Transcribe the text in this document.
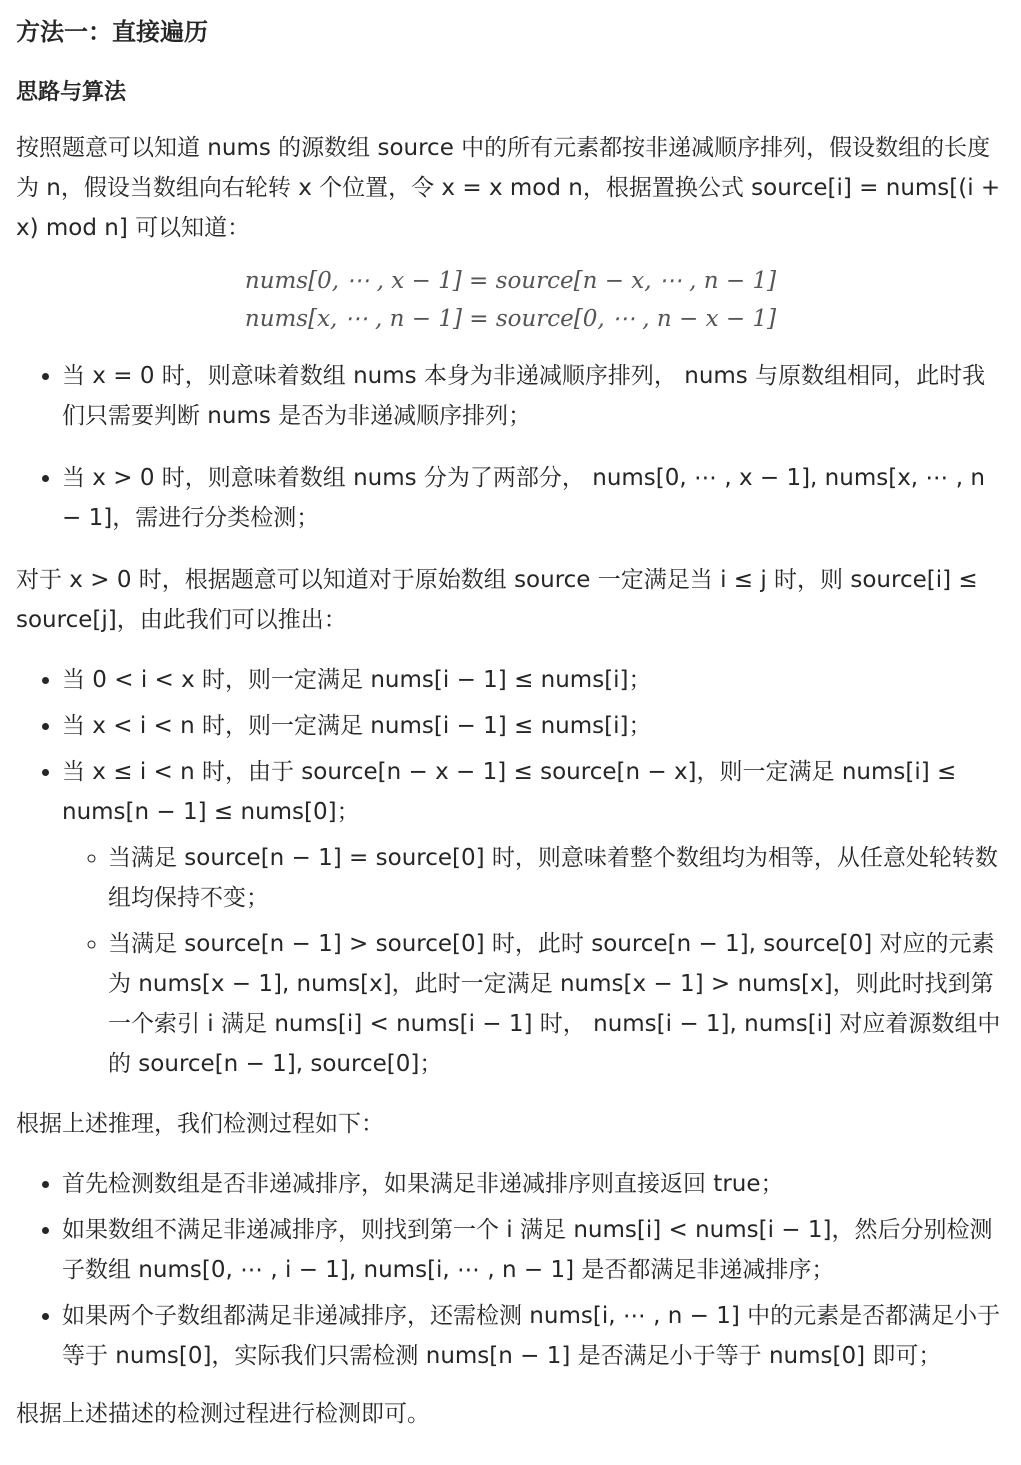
方法一：直接遍历
思路与算法

按照题意可以知道 nums 的源数组 source 中的所有元素都按非递减顺序排列，假设数组的长度为 n，假设当数组向右轮转 x 个位置，令 x = x mod n，根据置换公式 source[i] = nums[(i + x) mod n] 可以知道：

nums[0, ⋯ , x − 1] = source[n − x, ⋯ , n − 1]
nums[x, ⋯ , n − 1] = source[0, ⋯ , n − x − 1]
• 当 x = 0 时，则意味着数组 nums 本身为非递减顺序排列， nums 与原数组相同，此时我们只需要判断 nums 是否为非递减顺序排列；
• 当 x > 0 时，则意味着数组 nums 分为了两部分， nums[0, ⋯ , x − 1], nums[x, ⋯ , n − 1]，需进行分类检测；

对于 x > 0 时，根据题意可以知道对于原始数组 source 一定满足当 i ≤ j 时，则 source[i] ≤ source[j]，由此我们可以推出：

• 当 0 < i < x 时，则一定满足 nums[i − 1] ≤ nums[i]；
• 当 x < i < n 时，则一定满足 nums[i − 1] ≤ nums[i]；
• 当 x ≤ i < n 时，由于 source[n − x − 1] ≤ source[n − x]，则一定满足 nums[i] ≤ nums[n − 1] ≤ nums[0]；
◦ 当满足 source[n − 1] = source[0] 时，则意味着整个数组均为相等，从任意处轮转数组均保持不变；
◦ 当满足 source[n − 1] > source[0] 时，此时 source[n − 1], source[0] 对应的元素为 nums[x − 1], nums[x]，此时一定满足 nums[x − 1] > nums[x]，则此时找到第一个索引 i 满足 nums[i] < nums[i − 1] 时， nums[i − 1], nums[i] 对应着源数组中的 source[n − 1], source[0]；

根据上述推理，我们检测过程如下：

• 首先检测数组是否非递减排序，如果满足非递减排序则直接返回 true；
• 如果数组不满足非递减排序，则找到第一个 i 满足 nums[i] < nums[i − 1]，然后分别检测子数组 nums[0, ⋯ , i − 1], nums[i, ⋯ , n − 1] 是否都满足非递减排序；
• 如果两个子数组都满足非递减排序，还需检测 nums[i, ⋯ , n − 1] 中的元素是否都满足小于等于 nums[0]，实际我们只需检测 nums[n − 1] 是否满足小于等于 nums[0] 即可；

根据上述描述的检测过程进行检测即可。
